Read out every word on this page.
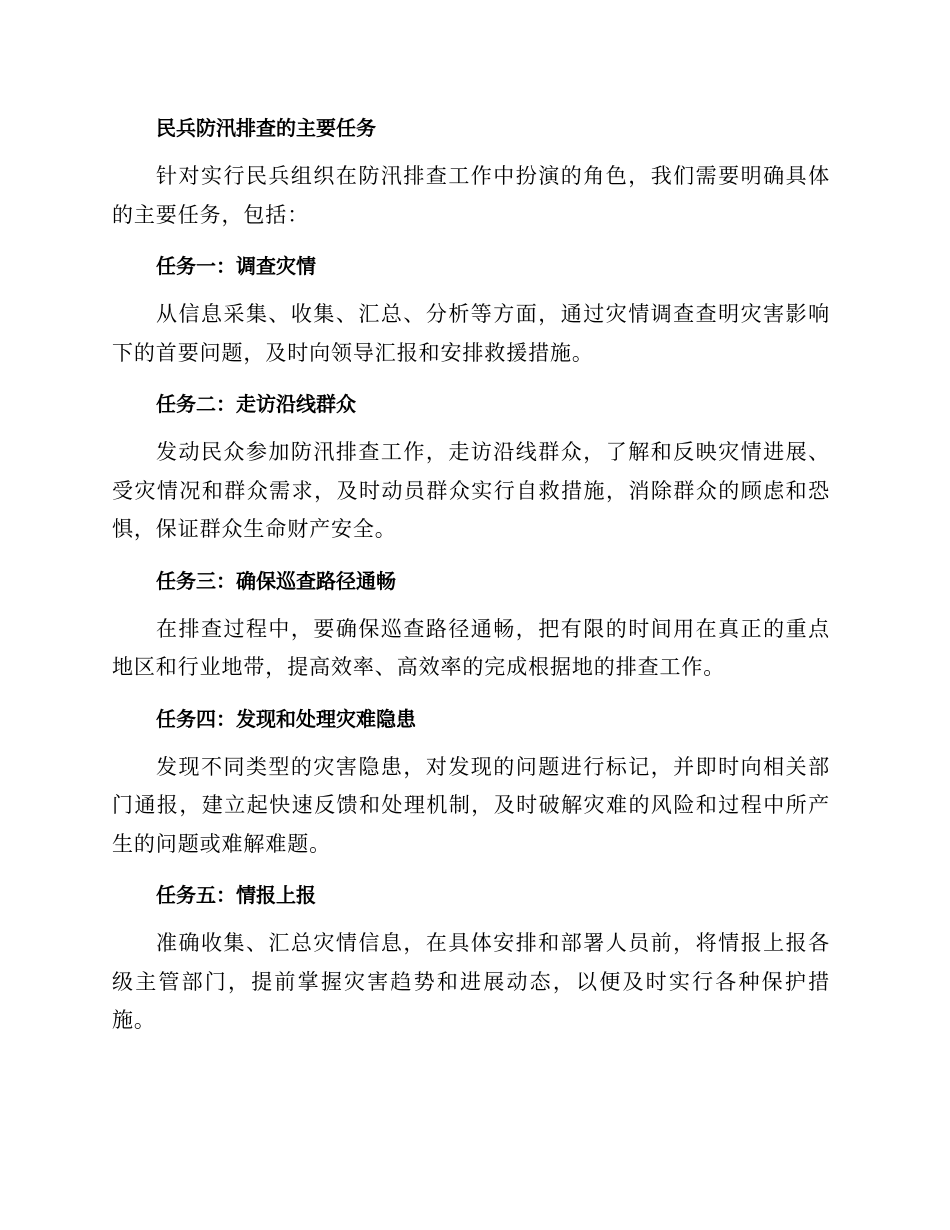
民兵防汛排查的主要任务

针对实行民兵组织在防汛排查工作中扮演的角色，我们需要明确具体的主要任务，包括：

任务一：调查灾情

从信息采集、收集、汇总、分析等方面，通过灾情调查查明灾害影响下的首要问题，及时向领导汇报和安排救援措施。

任务二：走访沿线群众

发动民众参加防汛排查工作，走访沿线群众，了解和反映灾情进展、受灾情况和群众需求，及时动员群众实行自救措施，消除群众的顾虑和恐惧，保证群众生命财产安全。

任务三：确保巡查路径通畅

在排查过程中，要确保巡查路径通畅，把有限的时间用在真正的重点地区和行业地带，提高效率、高效率的完成根据地的排查工作。

任务四：发现和处理灾难隐患

发现不同类型的灾害隐患，对发现的问题进行标记，并即时向相关部门通报，建立起快速反馈和处理机制，及时破解灾难的风险和过程中所产生的问题或难解难题。

任务五：情报上报

准确收集、汇总灾情信息，在具体安排和部署人员前，将情报上报各级主管部门，提前掌握灾害趋势和进展动态，以便及时实行各种保护措施。
